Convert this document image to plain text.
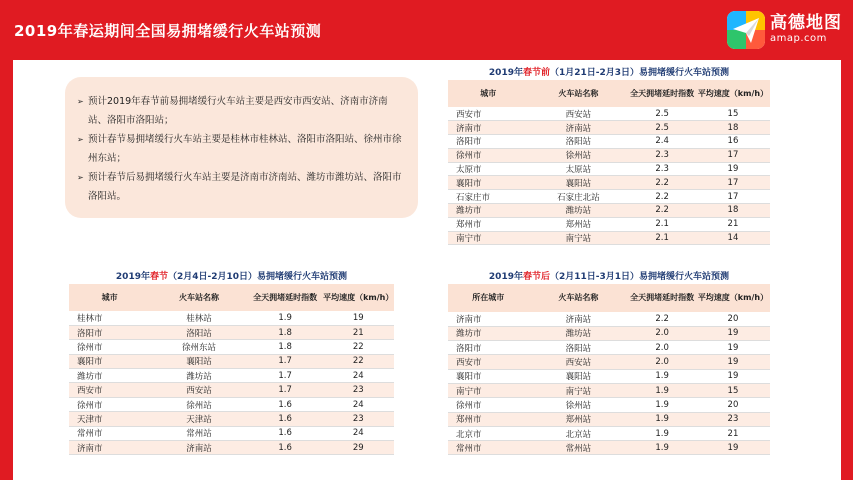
2019年春运期间全国易拥堵缓行火车站预测	高德地图
amap.com
➢ 预计2019年春节前易拥堵缓行火车站主要是西安市西安站、济南市济南站、洛阳市洛阳站；
➢ 预计春节易拥堵缓行火车站主要是桂林市桂林站、洛阳市洛阳站、徐州市徐州东站；
➢ 预计春节后易拥堵缓行火车站主要是济南市济南站、潍坊市潍坊站、洛阳市洛阳站。
2019年春节前（1月21日-2月3日）易拥堵缓行火车站预测
城市	火车站名称	全天拥堵延时指数	平均速度（km/h）
西安市	西安站	2.5	15
济南市	济南站	2.5	18
洛阳市	洛阳站	2.4	16
徐州市	徐州站	2.3	17
太原市	太原站	2.3	19
襄阳市	襄阳站	2.2	17
石家庄市	石家庄北站	2.2	17
潍坊市	潍坊站	2.2	18
郑州市	郑州站	2.1	21
南宁市	南宁站	2.1	14
2019年春节（2月4日-2月10日）易拥堵缓行火车站预测
城市	火车站名称	全天拥堵延时指数	平均速度（km/h）
桂林市	桂林站	1.9	19
洛阳市	洛阳站	1.8	21
徐州市	徐州东站	1.8	22
襄阳市	襄阳站	1.7	22
潍坊市	潍坊站	1.7	24
西安市	西安站	1.7	23
徐州市	徐州站	1.6	24
天津市	天津站	1.6	23
常州市	常州站	1.6	24
济南市	济南站	1.6	29
2019年春节后（2月11日-3月1日）易拥堵缓行火车站预测
所在城市	火车站名称	全天拥堵延时指数	平均速度（km/h）
济南市	济南站	2.2	20
潍坊市	潍坊站	2.0	19
洛阳市	洛阳站	2.0	19
西安市	西安站	2.0	19
襄阳市	襄阳站	1.9	19
南宁市	南宁站	1.9	15
徐州市	徐州站	1.9	20
郑州市	郑州站	1.9	23
北京市	北京站	1.9	21
常州市	常州站	1.9	19
